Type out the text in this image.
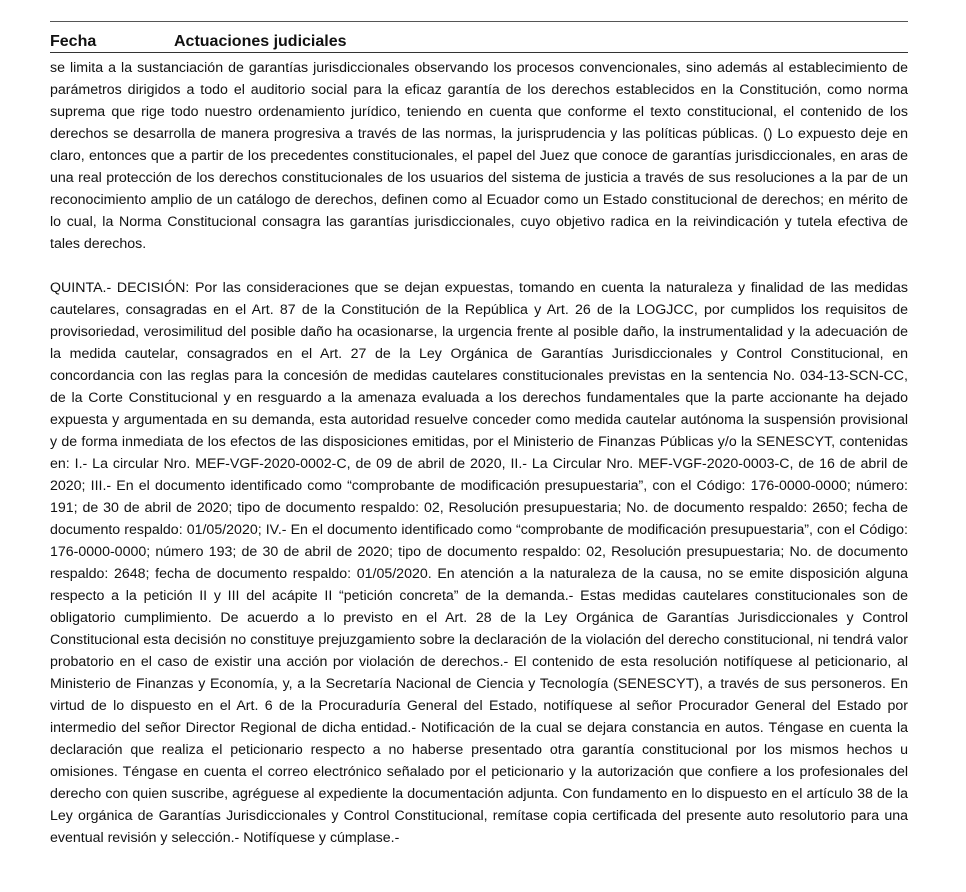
Fecha	Actuaciones judiciales

se limita a la sustanciación de garantías jurisdiccionales observando los procesos convencionales, sino además al establecimiento de parámetros dirigidos a todo el auditorio social para la eficaz garantía de los derechos establecidos en la Constitución, como norma suprema que rige todo nuestro ordenamiento jurídico, teniendo en cuenta que conforme el texto constitucional, el contenido de los derechos se desarrolla de manera progresiva a través de las normas, la jurisprudencia y las políticas públicas. () Lo expuesto deje en claro, entonces que a partir de los precedentes constitucionales, el papel del Juez que conoce de garantías jurisdiccionales, en aras de una real protección de los derechos constitucionales de los usuarios del sistema de justicia a través de sus resoluciones a la par de un reconocimiento amplio de un catálogo de derechos, definen como al Ecuador como un Estado constitucional de derechos; en mérito de lo cual, la Norma Constitucional consagra las garantías jurisdiccionales, cuyo objetivo radica en la reivindicación y tutela efectiva de tales derechos.

QUINTA.- DECISIÓN: Por las consideraciones que se dejan expuestas, tomando en cuenta la naturaleza y finalidad de las medidas cautelares, consagradas en el Art. 87 de la Constitución de la República y Art. 26 de la LOGJCC, por cumplidos los requisitos de provisoriedad, verosimilitud del posible daño ha ocasionarse, la urgencia frente al posible daño, la instrumentalidad y la adecuación de la medida cautelar, consagrados en el Art. 27 de la Ley Orgánica de Garantías Jurisdiccionales y Control Constitucional, en concordancia con las reglas para la concesión de medidas cautelares constitucionales previstas en la sentencia No. 034-13-SCN-CC, de la Corte Constitucional y en resguardo a la amenaza evaluada a los derechos fundamentales que la parte accionante ha dejado expuesta y argumentada en su demanda, esta autoridad resuelve conceder como medida cautelar autónoma la suspensión provisional y de forma inmediata de los efectos de las disposiciones emitidas, por el Ministerio de Finanzas Públicas y/o la SENESCYT, contenidas en: I.- La circular Nro. MEF-VGF-2020-0002-C, de 09 de abril de 2020, II.- La Circular Nro. MEF-VGF-2020-0003-C, de 16 de abril de 2020; III.- En el documento identificado como “comprobante de modificación presupuestaria”, con el Código: 176-0000-0000; número: 191; de 30 de abril de 2020; tipo de documento respaldo: 02, Resolución presupuestaria; No. de documento respaldo: 2650; fecha de documento respaldo: 01/05/2020; IV.- En el documento identificado como “comprobante de modificación presupuestaria”, con el Código: 176-0000-0000; número 193; de 30 de abril de 2020; tipo de documento respaldo: 02, Resolución presupuestaria; No. de documento respaldo: 2648; fecha de documento respaldo: 01/05/2020. En atención a la naturaleza de la causa, no se emite disposición alguna respecto a la petición II y III del acápite II “petición concreta” de la demanda.- Estas medidas cautelares constitucionales son de obligatorio cumplimiento. De acuerdo a lo previsto en el Art. 28 de la Ley Orgánica de Garantías Jurisdiccionales y Control Constitucional esta decisión no constituye prejuzgamiento sobre la declaración de la violación del derecho constitucional, ni tendrá valor probatorio en el caso de existir una acción por violación de derechos.- El contenido de esta resolución notifíquese al peticionario, al Ministerio de Finanzas y Economía, y, a la Secretaría Nacional de Ciencia y Tecnología (SENESCYT), a través de sus personeros. En virtud de lo dispuesto en el Art. 6 de la Procuraduría General del Estado, notifíquese al señor Procurador General del Estado por intermedio del señor Director Regional de dicha entidad.- Notificación de la cual se dejara constancia en autos. Téngase en cuenta la declaración que realiza el peticionario respecto a no haberse presentado otra garantía constitucional por los mismos hechos u omisiones. Téngase en cuenta el correo electrónico señalado por el peticionario y la autorización que confiere a los profesionales del derecho con quien suscribe, agréguese al expediente la documentación adjunta. Con fundamento en lo dispuesto en el artículo 38 de la Ley orgánica de Garantías Jurisdiccionales y Control Constitucional, remítase copia certificada del presente auto resolutorio para una eventual revisión y selección.- Notifíquese y cúmplase.-
